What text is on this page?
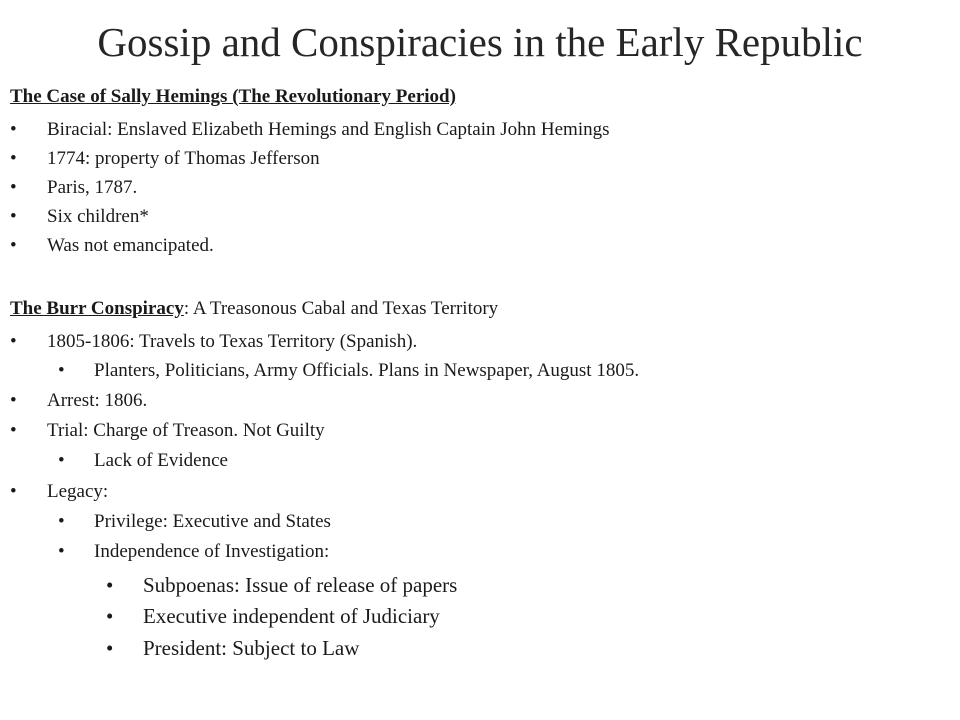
Gossip and Conspiracies in the Early Republic
The Case of Sally Hemings (The Revolutionary Period)
• Biracial: Enslaved Elizabeth Hemings and English Captain John Hemings
• 1774: property of Thomas Jefferson
• Paris, 1787.
• Six children*
• Was not emancipated.
The Burr Conspiracy: A Treasonous Cabal and Texas Territory
• 1805-1806: Travels to Texas Territory (Spanish).
• Planters, Politicians, Army Officials. Plans in Newspaper, August 1805.
• Arrest: 1806.
• Trial: Charge of Treason. Not Guilty
• Lack of Evidence
• Legacy:
• Privilege: Executive and States
• Independence of Investigation:
• Subpoenas: Issue of release of papers
• Executive independent of Judiciary
• President: Subject to Law
